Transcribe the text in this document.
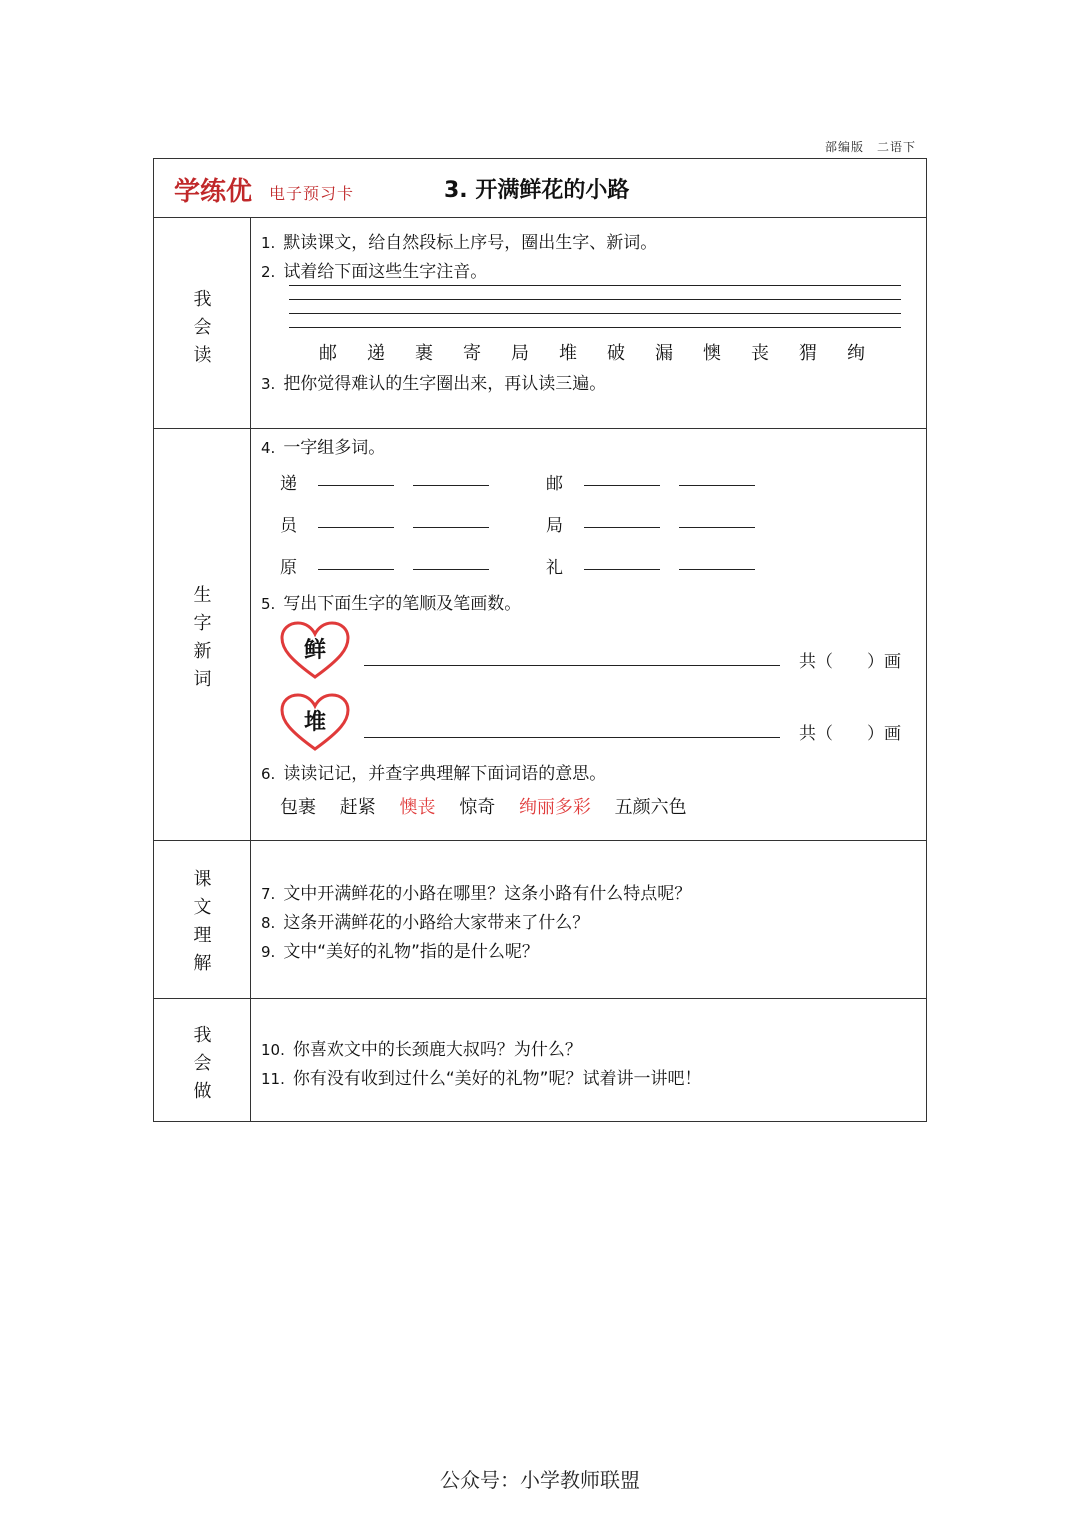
部编版　二语下
学练优 电子预习卡	3. 开满鲜花的小路
我
会
读
1. 默读课文，给自然段标上序号，圈出生字、新词。
2. 试着给下面这些生字注音。
邮 递 裹 寄 局 堆 破 漏 懊 丧 猬 绚
3. 把你觉得难认的生字圈出来，再认读三遍。
生
字
新
词
4. 一字组多词。
递	邮
员	局
原	礼
5. 写出下面生字的笔顺及笔画数。
鲜	共（　　）画
堆	共（　　）画
6. 读读记记，并查字典理解下面词语的意思。
包裹 赶紧 懊丧 惊奇 绚丽多彩 五颜六色
课
文
理
解
7. 文中开满鲜花的小路在哪里？这条小路有什么特点呢？
8. 这条开满鲜花的小路给大家带来了什么？
9. 文中“美好的礼物”指的是什么呢？
我
会
做
10. 你喜欢文中的长颈鹿大叔吗？为什么？
11. 你有没有收到过什么“美好的礼物”呢？试着讲一讲吧！
公众号：小学教师联盟
